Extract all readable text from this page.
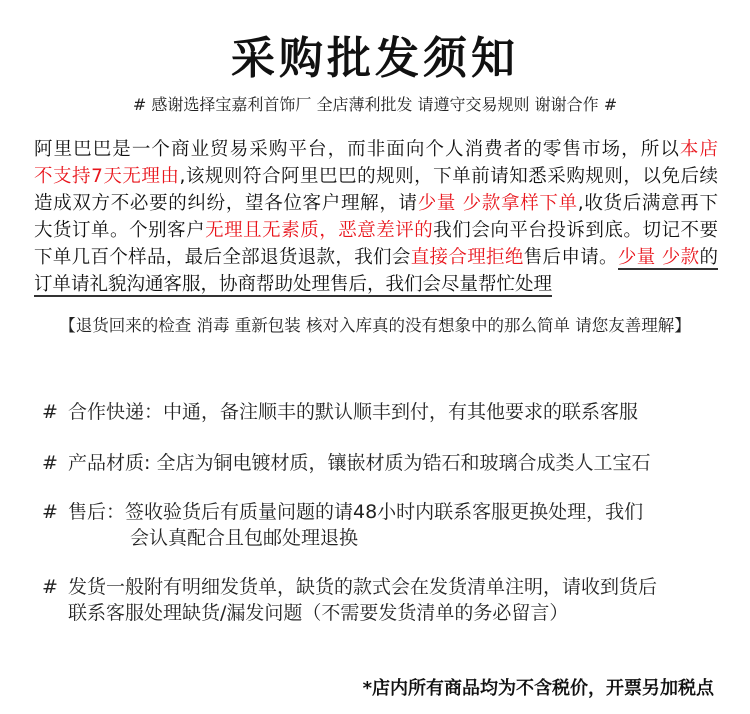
采购批发须知
# 感谢选择宝嘉利首饰厂 全店薄利批发 请遵守交易规则 谢谢合作 #
阿里巴巴是一个商业贸易采购平台，而非面向个人消费者的零售市场，所以本店
不支持7天无理由,该规则符合阿里巴巴的规则，下单前请知悉采购规则，以免后续
造成双方不必要的纠纷，望各位客户理解，请少量 少款拿样下单,收货后满意再下
大货订单。个别客户无理且无素质，恶意差评的我们会向平台投诉到底。切记不要
下单几百个样品，最后全部退货退款，我们会直接合理拒绝售后申请。少量 少款的
订单请礼貌沟通客服，协商帮助处理售后，我们会尽量帮忙处理
【退货回来的检查 消毒 重新包装 核对入库真的没有想象中的那么简单 请您友善理解】
# 合作快递：中通，备注顺丰的默认顺丰到付，有其他要求的联系客服
# 产品材质: 全店为铜电镀材质，镶嵌材质为锆石和玻璃合成类人工宝石
# 售后：签收验货后有质量问题的请48小时内联系客服更换处理，我们
会认真配合且包邮处理退换
# 发货一般附有明细发货单，缺货的款式会在发货清单注明，请收到货后
联系客服处理缺货/漏发问题（不需要发货清单的务必留言）
*店内所有商品均为不含税价，开票另加税点
